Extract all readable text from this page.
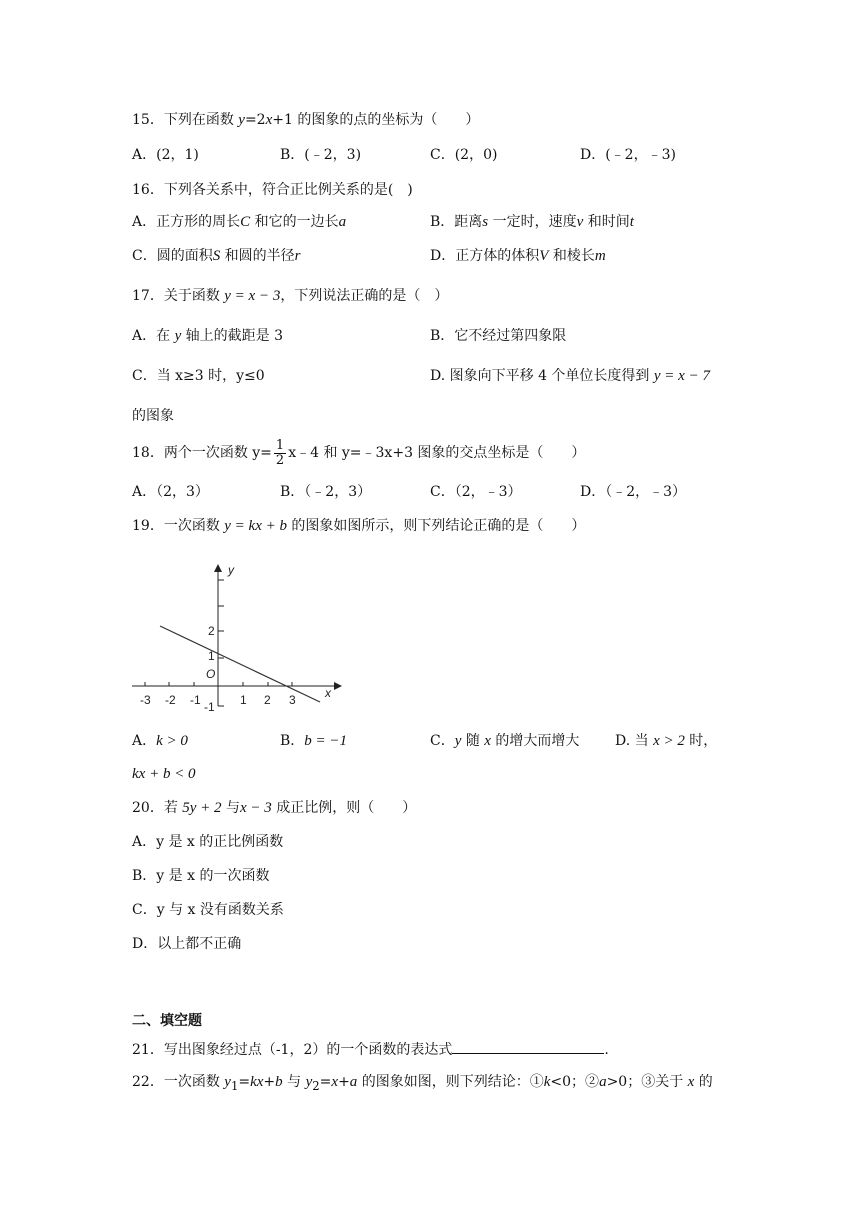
15．下列在函数 y=2x+1 的图象的点的坐标为（　　）
A．(2，1)	B．(﹣2，3)	C．(2，0)	D．(﹣2，﹣3)
16．下列各关系中，符合正比例关系的是(　)
A．正方形的周长C 和它的一边长a	B．距离s 一定时，速度v 和时间t
C．圆的面积S 和圆的半径r	D．正方体的体积V 和棱长m
17．关于函数 y = x − 3，下列说法正确的是（　）
A．在 y 轴上的截距是 3	B．它不经过第四象限
C．当 x≥3 时，y≤0	D. 图象向下平移 4 个单位长度得到 y = x − 7
的图象
18．两个一次函数 $y= \frac{1}{2}$ x﹣4 和 y=﹣3x+3 图象的交点坐标是（　　）
A．（2，3）	B．（﹣2，3）	C．（2，﹣3）	D．（﹣2，﹣3）
19．一次函数 y = kx + b 的图象如图所示，则下列结论正确的是（　　）
y
x
O
-3 -2 -1	1 2 3
2
1
-1
A．k > 0	B．b = −1	C．y 随 x 的增大而增大	D. 当 x > 2 时，
kx + b < 0
20．若 5y + 2 与x − 3 成正比例，则（　　）
A．y 是 x 的正比例函数
B．y 是 x 的一次函数
C．y 与 x 没有函数关系
D．以上都不正确
二、填空题
21．写出图象经过点（-1，2）的一个函数的表达式	.
22．一次函数 $y_1=kx+b$ 与 $y_2=x+a$ 的图象如图，则下列结论：①k<0；②a>0；③关于 x 的
